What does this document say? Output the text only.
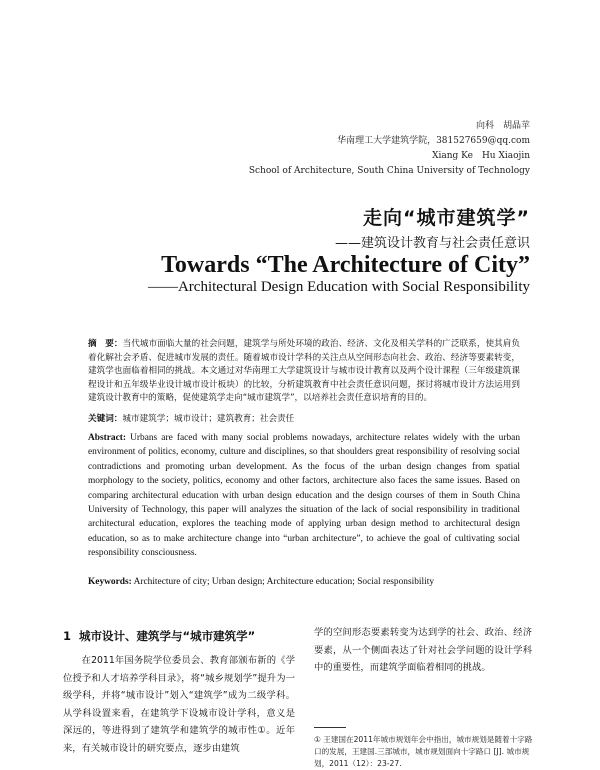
向科　胡晶苹
华南理工大学建筑学院，381527659@qq.com
Xiang Ke　Hu Xiaojin
School of Architecture, South China University of Technology
走向“城市建筑学”
——建筑设计教育与社会责任意识
Towards “The Architecture of City”
——Architectural Design Education with Social Responsibility
摘　要：当代城市面临大量的社会问题，建筑学与所处环境的政治、经济、文化及相关学科的广泛联系，使其肩负着化解社会矛盾、促进城市发展的责任。随着城市设计学科的关注点从空间形态向社会、政治、经济等要素转变，建筑学也面临着相同的挑战。本文通过对华南理工大学建筑设计与城市设计教育以及两个设计课程（三年级建筑课程设计和五年级毕业设计城市设计板块）的比较，分析建筑教育中社会责任意识问题，探讨将城市设计方法运用到建筑设计教育中的策略，促使建筑学走向“城市建筑学”，以培养社会责任意识培育的目的。
关键词：城市建筑学；城市设计；建筑教育；社会责任
Abstract: Urbans are faced with many social problems nowadays, architecture relates widely with the urban environment of politics, economy, culture and disciplines, so that shoulders great responsibility of resolving social contradictions and promoting urban development. As the focus of the urban design changes from spatial morphology to the society, politics, economy and other factors, architecture also faces the same issues. Based on comparing architectural education with urban design education and the design courses of them in South China University of Technology, this paper will analyzes the situation of the lack of social responsibility in traditional architectural education, explores the teaching mode of applying urban design method to architectural design education, so as to make architecture change into “urban architecture”, to achieve the goal of cultivating social responsibility consciousness.
Keywords: Architecture of city; Urban design; Architecture education; Social responsibility
1 城市设计、建筑学与“城市建筑学”

在2011年国务院学位委员会、教育部颁布新的《学位授予和人才培养学科目录》，将“城乡规划学”提升为一级学科，并将“城市设计”划入“建筑学”成为二级学科。从学科设置来看，在建筑学下设城市设计学科，意义是深远的，等进得到了建筑学和建筑学的城市性①。近年来，有关城市设计的研究要点，逐步由建筑

学的空间形态要素转变为达到学的社会、政治、经济要素，从一个侧面表达了针对社会学问题的设计学科中的重要性，而建筑学面临着相同的挑战。

① 王建国在2011年城市规划年会中指出，城市规划是随着十字路口的发展，王建国.三部城市，城市规划面向十字路口 [J]. 城市规划，2011（12）：23-27.
